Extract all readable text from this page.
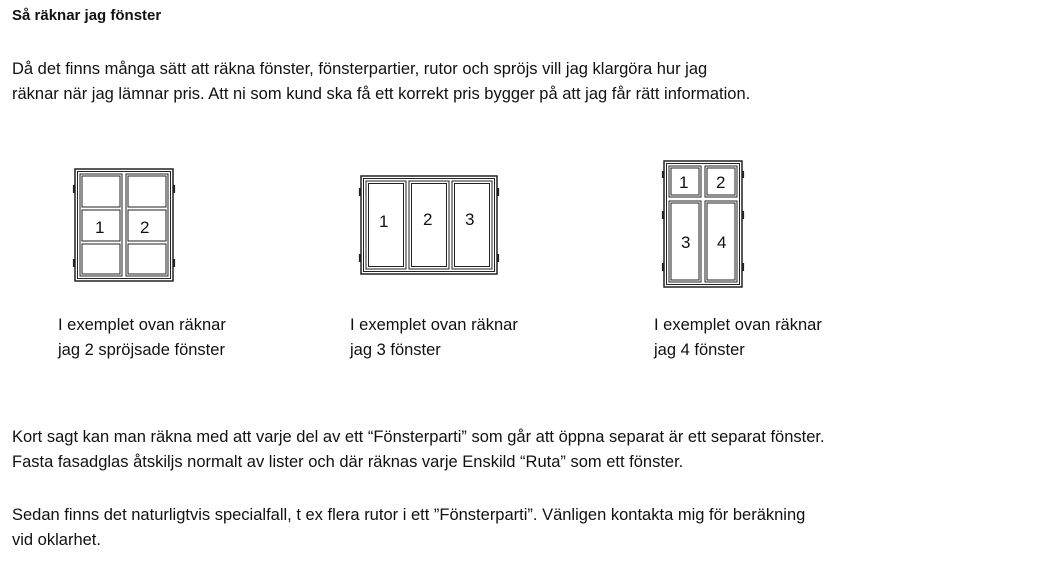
Så räknar jag fönster

Då det finns många sätt att räkna fönster, fönsterpartier, rutor och spröjs vill jag klargöra hur jag
räknar när jag lämnar pris. Att ni som kund ska få ett korrekt pris bygger på att jag får rätt information.

1 2
I exemplet ovan räknar
jag 2 spröjsade fönster
1 2 3
I exemplet ovan räknar
jag 3 fönster
1 2
3 4
I exemplet ovan räknar
jag 4 fönster

Kort sagt kan man räkna med att varje del av ett “Fönsterparti” som går att öppna separat är ett separat fönster.
Fasta fasadglas åtskiljs normalt av lister och där räknas varje Enskild “Ruta” som ett fönster.

Sedan finns det naturligtvis specialfall, t ex flera rutor i ett ”Fönsterparti”. Vänligen kontakta mig för beräkning
vid oklarhet.
